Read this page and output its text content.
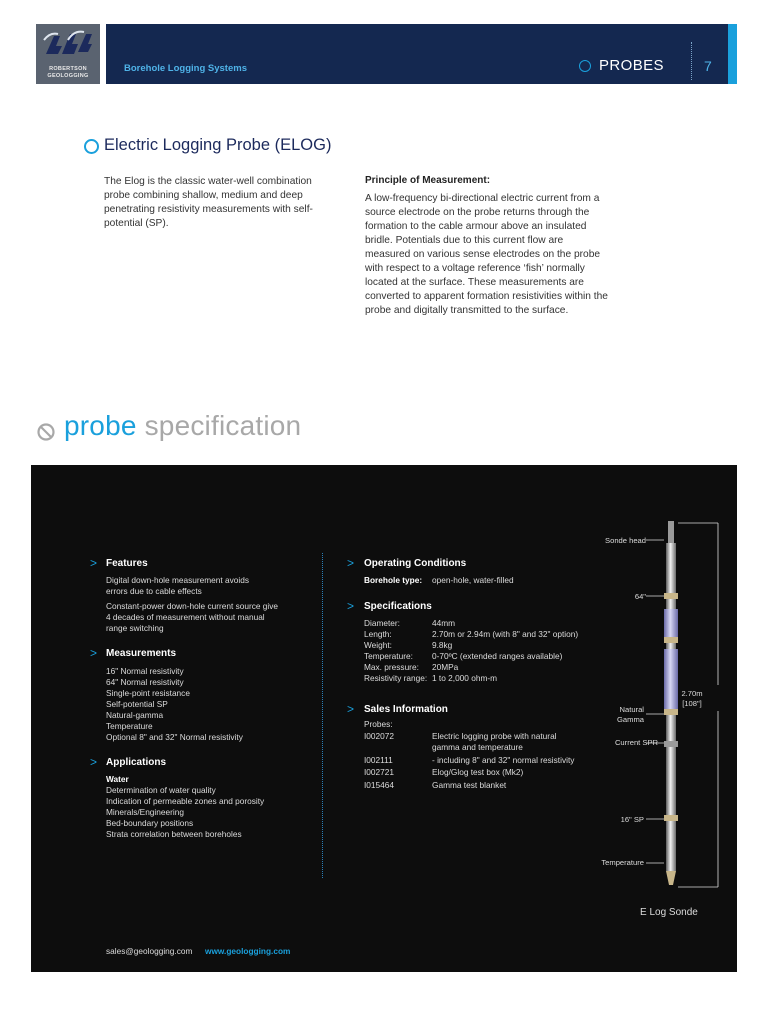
ROBERTSON
GEOLOGGING
Borehole Logging Systems	PROBES	7
Electric Logging Probe (ELOG)
The Elog is the classic water-well combination probe combining shallow, medium and deep penetrating resistivity measurements with self-potential (SP).
Principle of Measurement:
A low-frequency bi-directional electric current from a source electrode on the probe returns through the formation to the cable armour above an insulated bridle. Potentials due to this current flow are measured on various sense electrodes on the probe with respect to a voltage reference ‘fish’ normally located at the surface. These measurements are converted to apparent formation resistivities within the probe and digitally transmitted to the surface.
probe specification
> Features
Digital down-hole measurement avoids
errors due to cable effects
Constant-power down-hole current source give
4 decades of measurement without manual
range switching
> Measurements
16" Normal resistivity
64" Normal resistivity
Single-point resistance
Self-potential SP
Natural-gamma
Temperature
Optional 8" and 32" Normal resistivity
> Applications
Water
Determination of water quality
Indication of permeable zones and porosity
Minerals/Engineering
Bed-boundary positions
Strata correlation between boreholes
> Operating Conditions
Borehole type: open-hole, water-filled
> Specifications
Diameter:	44mm
Length:	2.70m or 2.94m (with 8" and 32" option)
Weight:	9.8kg
Temperature: 0-70ºC (extended ranges available)
Max. pressure: 20MPa
Resistivity range: 1 to 2,000 ohm-m
> Sales Information
Probes:
I002072	Electric logging probe with natural
gamma and temperature
I002111	- including 8" and 32" normal resistivity
I002721	Elog/Glog test box (Mk2)
I015464	Gamma test blanket
Sonde head
64"
Natural
Gamma
Current SPR
16" SP
Temperature
2.70m
[108"]
E Log Sonde
sales@geologging.com www.geologging.com
